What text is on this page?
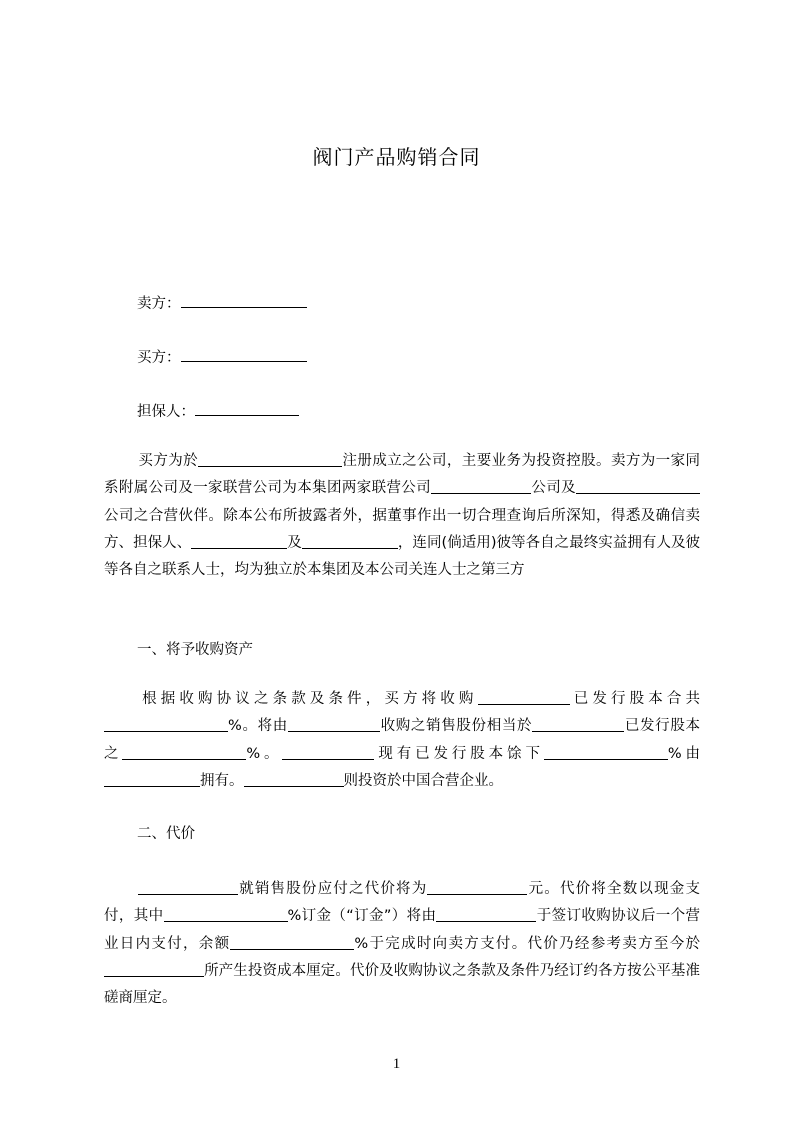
阀门产品购销合同
卖方：
买方：
担保人：
买方为於	注册成立之公司，主要业务为投资控股。卖方为一家同系附属公司及一家联营公司为本集团两家联营公司	公司及公司之合营伙伴。除本公布所披露者外，据董事作出一切合理查询后所深知，得悉及确信卖方、担保人、	及	，连同(倘适用)彼等各自之最终实益拥有人及彼等各自之联系人士，均为独立於本集团及本公司关连人士之第三方
一、将予收购资产
根据收购协议之条款及条件，买方将收购	已发行股本合共%。将由	收购之销售股份相当於	已发行股本之	%。	现有已发行股本馀下	%由拥有。	则投资於中国合营企业。
二、代价
就销售股份应付之代价将为	元。代价将全数以现金支付，其中	%订金（“订金”）将由	于签订收购协议后一个营业日内支付，余额	%于完成时向卖方支付。代价乃经参考卖方至今於所产生投资成本厘定。代价及收购协议之条款及条件乃经订约各方按公平基准磋商厘定。
1
